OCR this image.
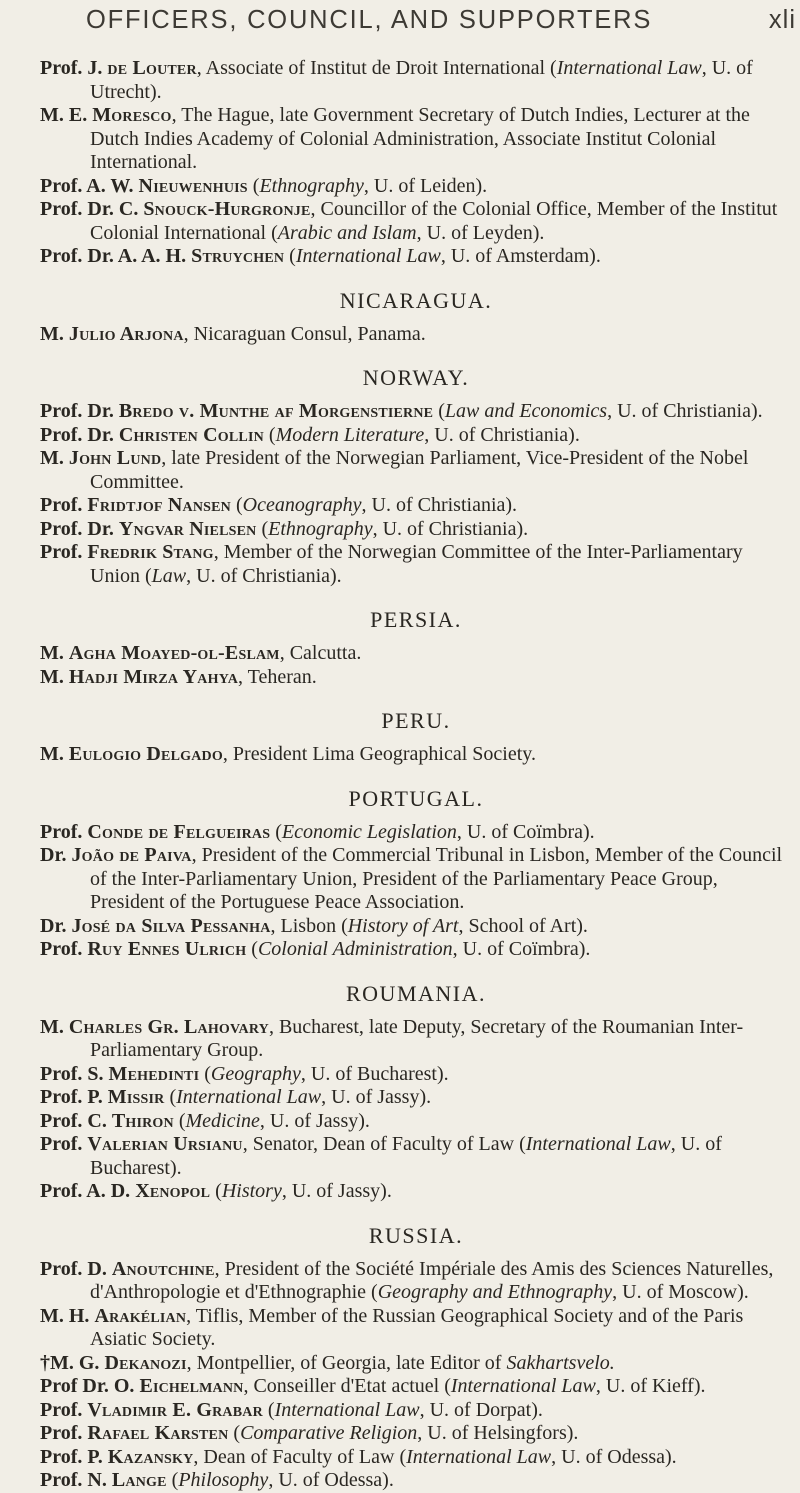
OFFICERS, COUNCIL, AND SUPPORTERS	xli

Prof. J. de Louter, Associate of Institut de Droit International (International Law, U. of Utrecht).

M. E. Moresco, The Hague, late Government Secretary of Dutch Indies, Lecturer at the Dutch Indies Academy of Colonial Administration, Associate Institut Colonial International.

Prof. A. W. Nieuwenhuis (Ethnography, U. of Leiden).

Prof. Dr. C. Snouck-Hurgronje, Councillor of the Colonial Office, Member of the Institut Colonial International (Arabic and Islam, U. of Leyden).

Prof. Dr. A. A. H. Struychen (International Law, U. of Amsterdam).

NICARAGUA.

M. Julio Arjona, Nicaraguan Consul, Panama.

NORWAY.

Prof. Dr. Bredo v. Munthe af Morgenstierne (Law and Economics, U. of Christiania).

Prof. Dr. Christen Collin (Modern Literature, U. of Christiania).

M. John Lund, late President of the Norwegian Parliament, Vice-President of the Nobel Committee.

Prof. Fridtjof Nansen (Oceanography, U. of Christiania).

Prof. Dr. Yngvar Nielsen (Ethnography, U. of Christiania).

Prof. Fredrik Stang, Member of the Norwegian Committee of the Inter-Parliamentary Union (Law, U. of Christiania).

PERSIA.

M. Agha Moayed-ol-Eslam, Calcutta.

M. Hadji Mirza Yahya, Teheran.

PERU.

M. Eulogio Delgado, President Lima Geographical Society.

PORTUGAL.

Prof. Conde de Felgueiras (Economic Legislation, U. of Coïmbra).

Dr. João de Paiva, President of the Commercial Tribunal in Lisbon, Member of the Council of the Inter-Parliamentary Union, President of the Parliamentary Peace Group, President of the Portuguese Peace Association.

Dr. José da Silva Pessanha, Lisbon (History of Art, School of Art).

Prof. Ruy Ennes Ulrich (Colonial Administration, U. of Coïmbra).

ROUMANIA.

M. Charles Gr. Lahovary, Bucharest, late Deputy, Secretary of the Roumanian Inter-Parliamentary Group.

Prof. S. Mehedinti (Geography, U. of Bucharest).

Prof. P. Missir (International Law, U. of Jassy).

Prof. C. Thiron (Medicine, U. of Jassy).

Prof. Valerian Ursianu, Senator, Dean of Faculty of Law (International Law, U. of Bucharest).

Prof. A. D. Xenopol (History, U. of Jassy).

RUSSIA.

Prof. D. Anoutchine, President of the Société Impériale des Amis des Sciences Naturelles, d'Anthropologie et d'Ethnographie (Geography and Ethnography, U. of Moscow).

M. H. Arakélian, Tiflis, Member of the Russian Geographical Society and of the Paris Asiatic Society.

†M. G. Dekanozi, Montpellier, of Georgia, late Editor of Sakhartsvelo.

Prof Dr. O. Eichelmann, Conseiller d'Etat actuel (International Law, U. of Kieff).

Prof. Vladimir E. Grabar (International Law, U. of Dorpat).

Prof. Rafael Karsten (Comparative Religion, U. of Helsingfors).

Prof. P. Kazansky, Dean of Faculty of Law (International Law, U. of Odessa).

Prof. N. Lange (Philosophy, U. of Odessa).
